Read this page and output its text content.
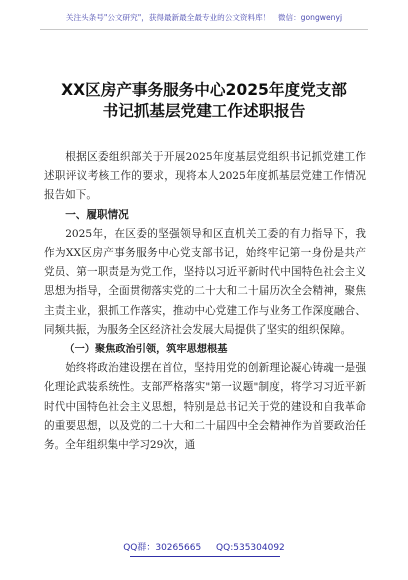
关注头条号"公文研究"，获得最新最全最专业的公文资料库！　微信：gongwenyj
XX区房产事务服务中心2025年度党支部
书记抓基层党建工作述职报告

根据区委组织部关于开展2025年度基层党组织书记抓党建工作述职评议考核工作的要求，现将本人2025年度抓基层党建工作情况报告如下。

一、履职情况

2025年，在区委的坚强领导和区直机关工委的有力指导下，我作为XX区房产事务服务中心党支部书记，始终牢记第一身份是共产党员、第一职责是为党工作，坚持以习近平新时代中国特色社会主义思想为指导，全面贯彻落实党的二十大和二十届历次全会精神，聚焦主责主业，狠抓工作落实，推动中心党建工作与业务工作深度融合、同频共振，为服务全区经济社会发展大局提供了坚实的组织保障。

（一）聚焦政治引领，筑牢思想根基

始终将政治建设摆在首位，坚持用党的创新理论凝心铸魂一是强化理论武装系统性。支部严格落实"第一议题"制度，将学习习近平新时代中国特色社会主义思想，特别是总书记关于党的建设和自我革命的重要思想，以及党的二十大和二十届四中全会精神作为首要政治任务。全年组织集中学习29次，通

QQ群：30265665 QQ:535304092
